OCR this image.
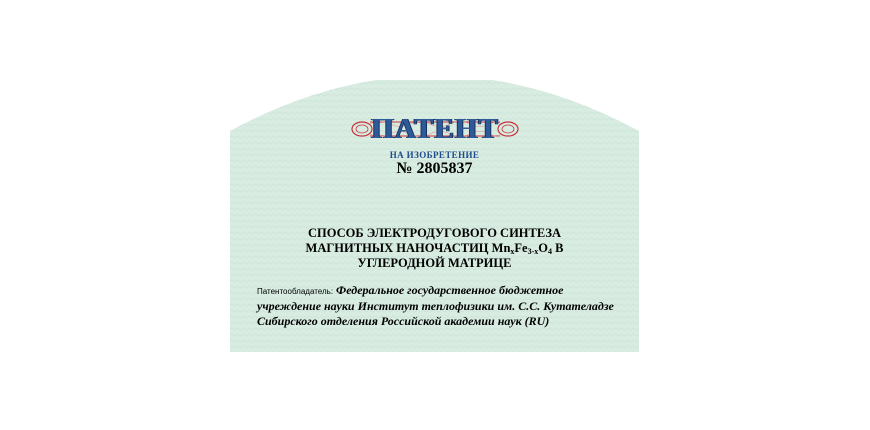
ПАТЕНТ
НА ИЗОБРЕТЕНИЕ
№ 2805837
СПОСОБ ЭЛЕКТРОДУГОВОГО СИНТЕЗА
МАГНИТНЫХ НАНОЧАСТИЦ $Mn_xFe_{3-x}O_4$ В
УГЛЕРОДНОЙ МАТРИЦЕ
Патентообладатель: Федеральное государственное бюджетное учреждение науки Институт теплофизики им. С.С. Кутателадзе Сибирского отделения Российской академии наук (RU)
